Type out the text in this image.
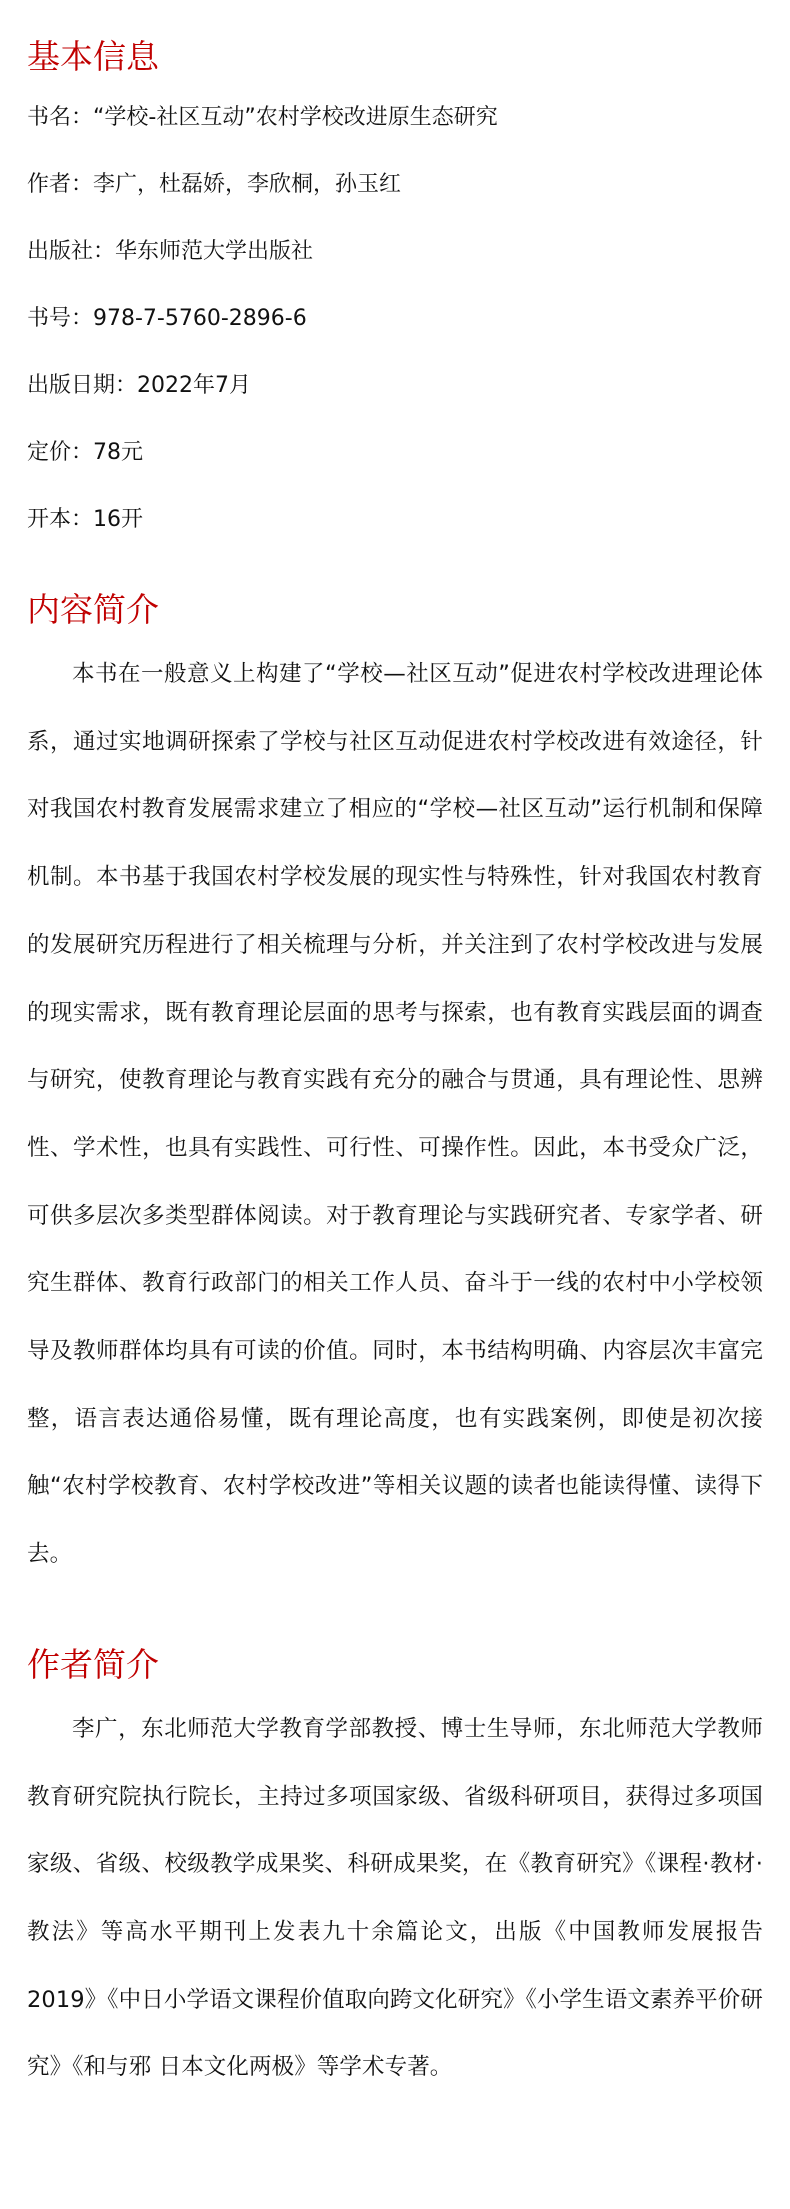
基本信息
书名：“学校-社区互动”农村学校改进原生态研究
作者：李广，杜磊娇，李欣桐，孙玉红
出版社：华东师范大学出版社
书号：978-7-5760-2896-6
出版日期：2022年7月
定价：78元
开本：16开
内容简介

本书在一般意义上构建了“学校—社区互动”促进农村学校改进理论体系，通过实地调研探索了学校与社区互动促进农村学校改进有效途径，针对我国农村教育发展需求建立了相应的“学校—社区互动”运行机制和保障机制。本书基于我国农村学校发展的现实性与特殊性，针对我国农村教育的发展研究历程进行了相关梳理与分析，并关注到了农村学校改进与发展的现实需求，既有教育理论层面的思考与探索，也有教育实践层面的调查与研究，使教育理论与教育实践有充分的融合与贯通，具有理论性、思辨性、学术性，也具有实践性、可行性、可操作性。因此，本书受众广泛，可供多层次多类型群体阅读。对于教育理论与实践研究者、专家学者、研究生群体、教育行政部门的相关工作人员、奋斗于一线的农村中小学校领导及教师群体均具有可读的价值。同时，本书结构明确、内容层次丰富完整，语言表达通俗易懂，既有理论高度，也有实践案例，即使是初次接触“农村学校教育、农村学校改进”等相关议题的读者也能读得懂、读得下去。

作者简介

李广，东北师范大学教育学部教授、博士生导师，东北师范大学教师教育研究院执行院长，主持过多项国家级、省级科研项目，获得过多项国家级、省级、校级教学成果奖、科研成果奖，在《教育研究》《课程·教材·教法》等高水平期刊上发表九十余篇论文，出版《中国教师发展报告 2019》《中日小学语文课程价值取向跨文化研究》《小学生语文素养平价研究》《和与邪 日本文化两极》等学术专著。
